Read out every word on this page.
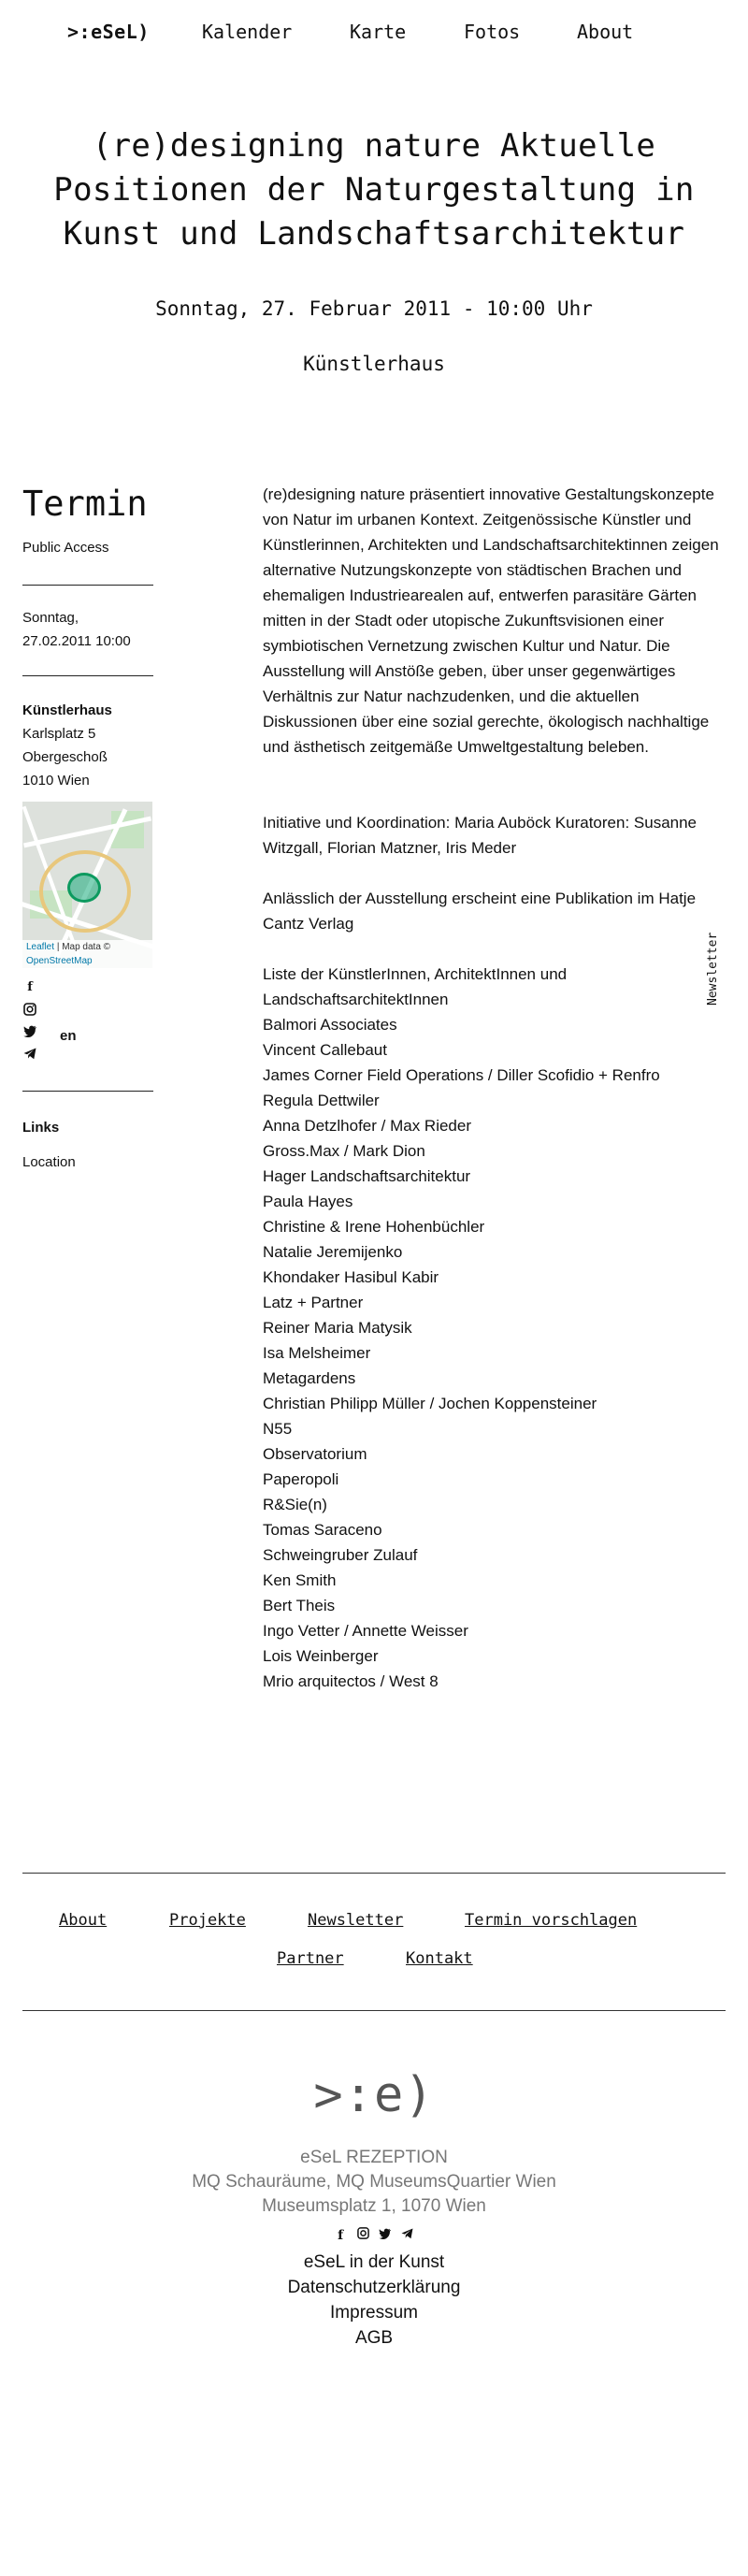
>:eSeL)	Kalender	Karte	Fotos	About
(re)designing nature Aktuelle Positionen der Naturgestaltung in Kunst und Landschaftsarchitektur
Sonntag, 27. Februar 2011 - 10:00 Uhr
Künstlerhaus
Termin
Public Access
Sonntag,
27.02.2011 10:00
Künstlerhaus
Karlsplatz 5
Obergeschoß
1010 Wien
Leaflet | Map data ©
OpenStreetMap
f
en
Links
Location

(re)designing nature präsentiert innovative Gestaltungskonzepte von Natur im urbanen Kontext. Zeitgenössische Künstler und Künstlerinnen, Architekten und Landschaftsarchitektinnen zeigen alternative Nutzungskonzepte von städtischen Brachen und ehemaligen Industriearealen auf, entwerfen parasitäre Gärten mitten in der Stadt oder utopische Zukunftsvisionen einer symbiotischen Vernetzung zwischen Kultur und Natur. Die Ausstellung will Anstöße geben, über unser gegenwärtiges Verhältnis zur Natur nachzudenken, und die aktuellen Diskussionen über eine sozial gerechte, ökologisch nachhaltige und ästhetisch zeitgemäße Umweltgestaltung beleben.

Initiative und Koordination: Maria Auböck Kuratoren: Susanne Witzgall, Florian Matzner, Iris Meder

Anlässlich der Ausstellung erscheint eine Publikation im Hatje Cantz Verlag

Liste der KünstlerInnen, ArchitektInnen und LandschaftsarchitektInnen

Balmori Associates
Vincent Callebaut
James Corner Field Operations / Diller Scofidio + Renfro
Regula Dettwiler
Anna Detzlhofer / Max Rieder
Gross.Max / Mark Dion
Hager Landschaftsarchitektur
Paula Hayes
Christine & Irene Hohenbüchler
Natalie Jeremijenko
Khondaker Hasibul Kabir
Latz + Partner
Reiner Maria Matysik
Isa Melsheimer
Metagardens
Christian Philipp Müller / Jochen Koppensteiner
N55
Observatorium
Paperopoli
R&Sie(n)
Tomas Saraceno
Schweingruber Zulauf
Ken Smith
Bert Theis
Ingo Vetter / Annette Weisser
Lois Weinberger
Mrio arquitectos / West 8
Newsletter
About	Projekte	Newsletter	Termin vorschlagen
Partner	Kontakt
>:e)
eSeL REZEPTION
MQ Schauräume, MQ MuseumsQuartier Wien
Museumsplatz 1, 1070 Wien
f
eSeL in der Kunst
Datenschutzerklärung
Impressum
AGB
